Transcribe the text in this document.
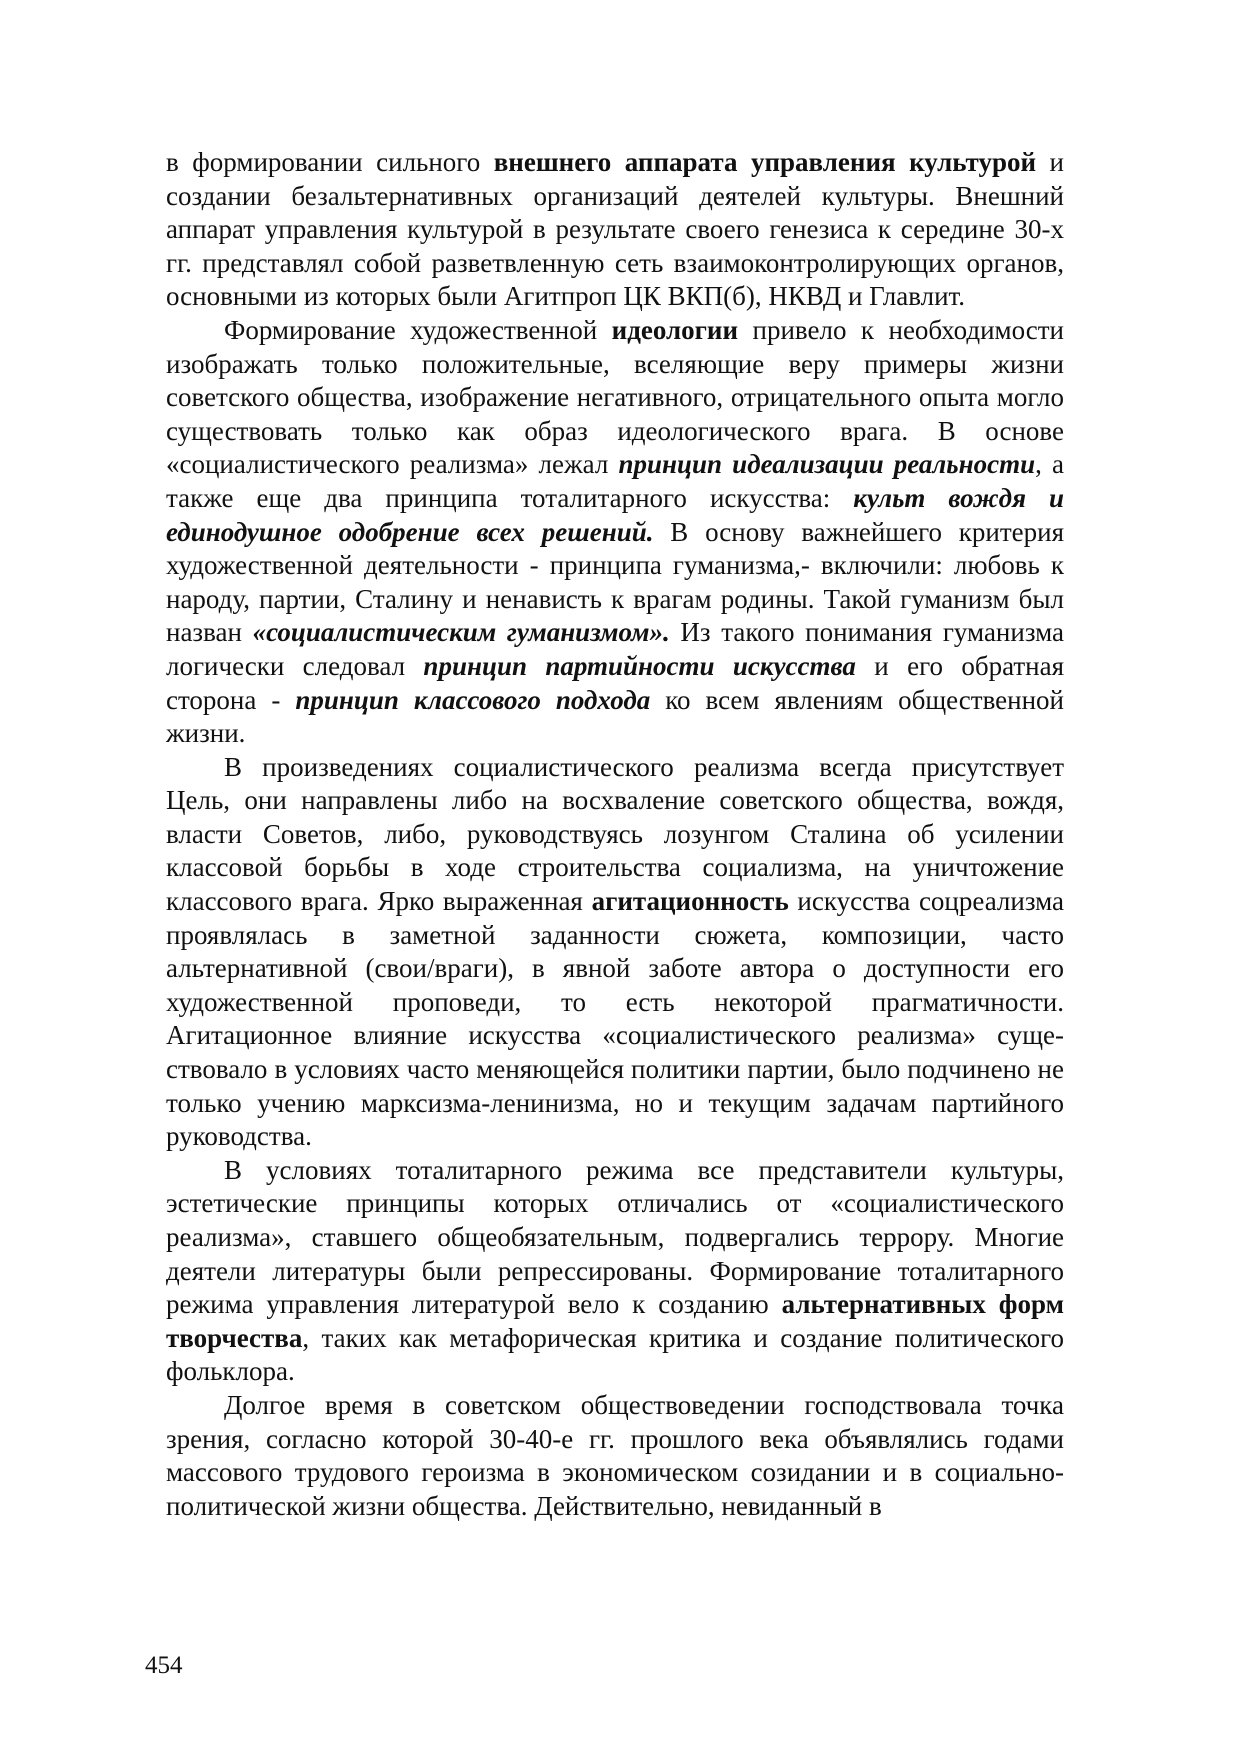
в формировании сильного внешнего аппарата управления культурой и создании безальтернативных организаций деятелей культуры. Внешний аппарат управления культурой в результате своего генезиса к середине 30-х гг. представлял собой разветвленную сеть взаимоконтролирующих органов, основными из которых были Агитпроп ЦК ВКП(б), НКВД и Главлит.

Формирование художественной идеологии привело к необходимости изображать только положительные, вселяющие веру примеры жизни советского общества, изображение негативного, отрицательного опыта могло существовать только как образ идеологического врага. В основе «социалистического реализма» лежал принцип идеализации реальности, а также еще два принципа тоталитарного искусства: культ вождя и единодушное одобрение всех решений. В основу важнейшего критерия художественной деятельности - принципа гуманизма,- включили: любовь к народу, партии, Сталину и ненависть к врагам родины. Такой гуманизм был назван «социалистическим гуманизмом». Из такого понимания гуманизма логически следовал принцип партийности искусства и его обратная сторона - принцип классового подхода ко всем явлениям общественной жизни.

В произведениях социалистического реализма всегда присутствует Цель, они направлены либо на восхваление советского общества, вождя, власти Советов, либо, руководствуясь лозунгом Сталина об усилении классовой борьбы в ходе строительства социализма, на уничтожение классового врага. Ярко выраженная агитационность искусства соцреализма проявлялась в заметной заданности сюжета, композиции, часто альтернативной (свои/враги), в явной заботе автора о доступности его художественной проповеди, то есть некоторой прагматичности. Агитационное влияние искусства «социалистического реализма» существовало в условиях часто меняющейся политики партии, было подчинено не только учению марксизма-ленинизма, но и текущим задачам партийного руководства.

В условиях тоталитарного режима все представители культуры, эстетические принципы которых отличались от «социалистического реализма», ставшего общеобязательным, подвергались террору. Многие деятели литературы были репрессированы. Формирование тоталитарного режима управления литературой вело к созданию альтернативных форм творчества, таких как метафорическая критика и создание политического фольклора.

Долгое время в советском обществоведении господствовала точка зрения, согласно которой 30-40-е гг. прошлого века объявлялись годами массового трудового героизма в экономическом созидании и в социально-политической жизни общества. Действительно, невиданный в

454
